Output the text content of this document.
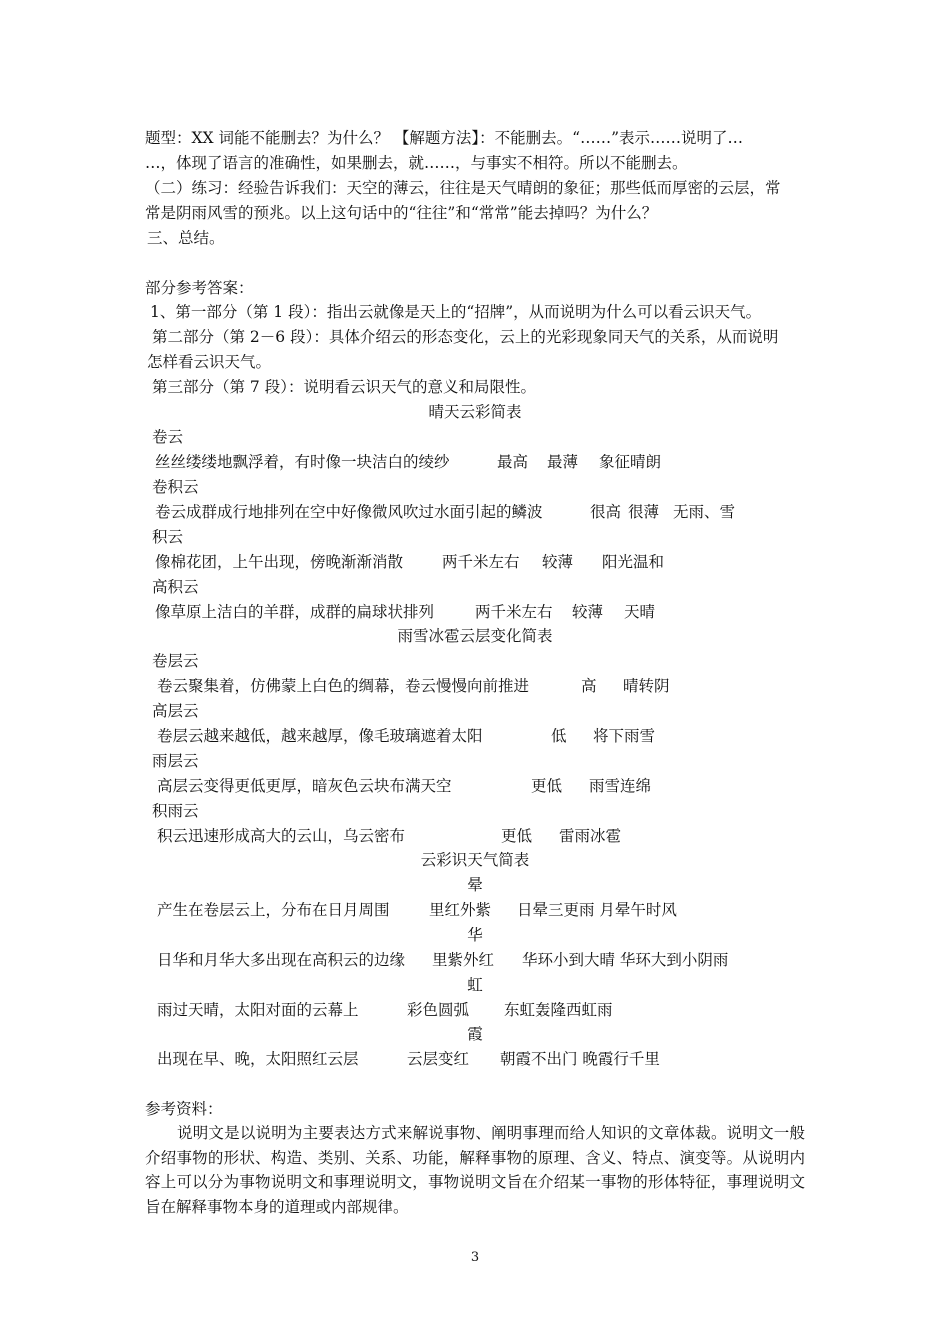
题型：XX 词能不能删去？为什么？ 【解题方法】：不能删去。“……”表示……说明了…
…，体现了语言的准确性，如果删去，就……，与事实不相符。所以不能删去。
（二）练习：经验告诉我们：天空的薄云，往往是天气晴朗的象征；那些低而厚密的云层，常
常是阴雨风雪的预兆。以上这句话中的“往往”和“常常”能去掉吗？为什么？
三、总结。
部分参考答案：
1、第一部分（第 1 段）：指出云就像是天上的“招牌”，从而说明为什么可以看云识天气。
第二部分（第 2－6 段）：具体介绍云的形态变化，云上的光彩现象同天气的关系，从而说明
怎样看云识天气。
第三部分（第 7 段）：说明看云识天气的意义和局限性。
晴天云彩简表
卷云
丝丝缕缕地飘浮着，有时像一块洁白的绫纱	最高 最薄 象征晴朗
卷积云
卷云成群成行地排列在空中好像微风吹过水面引起的鳞波	很高 很薄 无雨、雪
积云
像棉花团，上午出现，傍晚渐渐消散	两千米左右 较薄 阳光温和
高积云
像草原上洁白的羊群，成群的扁球状排列	两千米左右 较薄 天晴
雨雪冰雹云层变化简表
卷层云
卷云聚集着，仿佛蒙上白色的绸幕，卷云慢慢向前推进	高 晴转阴
高层云
卷层云越来越低，越来越厚，像毛玻璃遮着太阳	低 将下雨雪
雨层云
高层云变得更低更厚，暗灰色云块布满天空	更低 雨雪连绵
积雨云
积云迅速形成高大的云山，乌云密布	更低 雷雨冰雹
云彩识天气简表
晕
产生在卷层云上，分布在日月周围	里红外紫 日晕三更雨 月晕午时风
华
日华和月华大多出现在高积云的边缘 里紫外红 华环小到大晴 华环大到小阴雨
虹
雨过天晴，太阳对面的云幕上	彩色圆弧 东虹轰隆西虹雨
霞
出现在早、晚，太阳照红云层	云层变红 朝霞不出门 晚霞行千里
参考资料：
说明文是以说明为主要表达方式来解说事物、阐明事理而给人知识的文章体裁。说明文一般介绍事物的形状、构造、类别、关系、功能，解释事物的原理、含义、特点、演变等。从说明内容上可以分为事物说明文和事理说明文，事物说明文旨在介绍某一事物的形体特征，事理说明文旨在解释事物本身的道理或内部规律。
3
